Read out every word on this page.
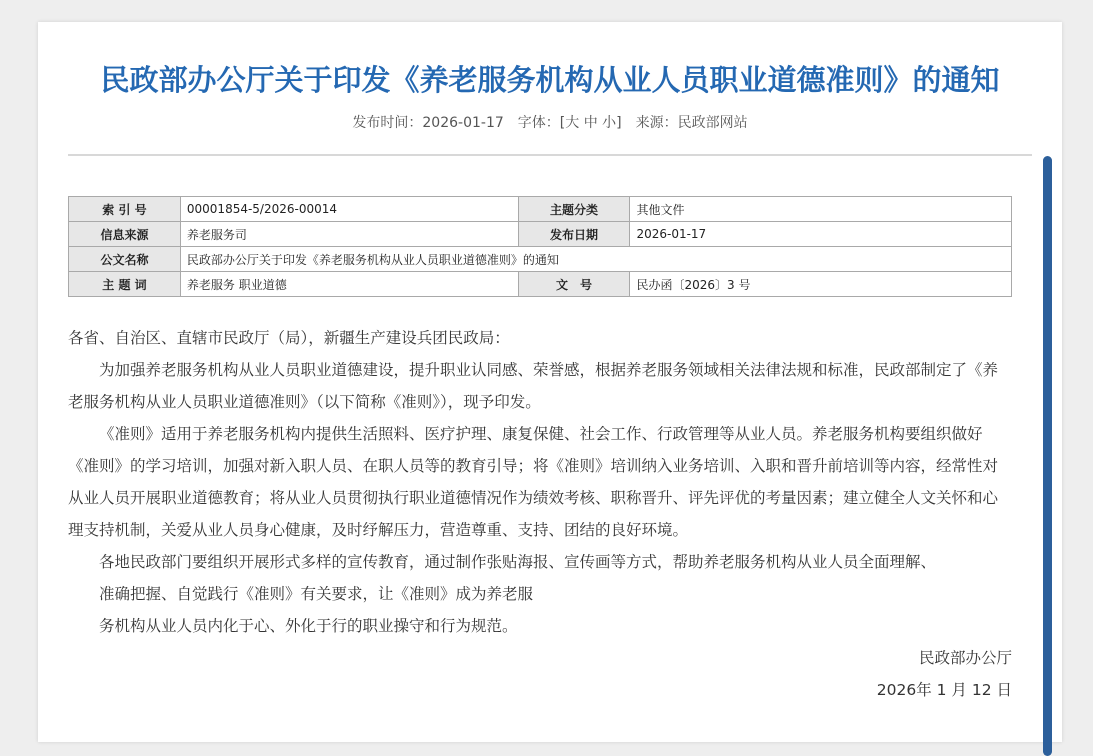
民政部办公厅关于印发《养老服务机构从业人员职业道德准则》的通知
发布时间：2026-01-17 字体：[大 中 小] 来源：民政部网站
索 引 号	00001854-5/2026-00014	主题分类	其他文件
信息来源	养老服务司	发布日期	2026-01-17
公文名称	民政部办公厅关于印发《养老服务机构从业人员职业道德准则》的通知		
主 题 词	养老服务 职业道德	文　号	民办函〔2026〕3 号

各省、自治区、直辖市民政厅（局），新疆生产建设兵团民政局：

为加强养老服务机构从业人员职业道德建设，提升职业认同感、荣誉感，根据养老服务领域相关法律法规和标准，民政部制定了《养老服务机构从业人员职业道德准则》（以下简称《准则》），现予印发。

《准则》适用于养老服务机构内提供生活照料、医疗护理、康复保健、社会工作、行政管理等从业人员。养老服务机构要组织做好《准则》的学习培训，加强对新入职人员、在职人员等的教育引导；将《准则》培训纳入业务培训、入职和晋升前培训等内容，经常性对从业人员开展职业道德教育；将从业人员贯彻执行职业道德情况作为绩效考核、职称晋升、评先评优的考量因素；建立健全人文关怀和心理支持机制，关爱从业人员身心健康，及时纾解压力，营造尊重、支持、团结的良好环境。

各地民政部门要组织开展形式多样的宣传教育，通过制作张贴海报、宣传画等方式，帮助养老服务机构从业人员全面理解、

准确把握、自觉践行《准则》有关要求，让《准则》成为养老服

务机构从业人员内化于心、外化于行的职业操守和行为规范。

民政部办公厅

2026年 1 月 12 日
